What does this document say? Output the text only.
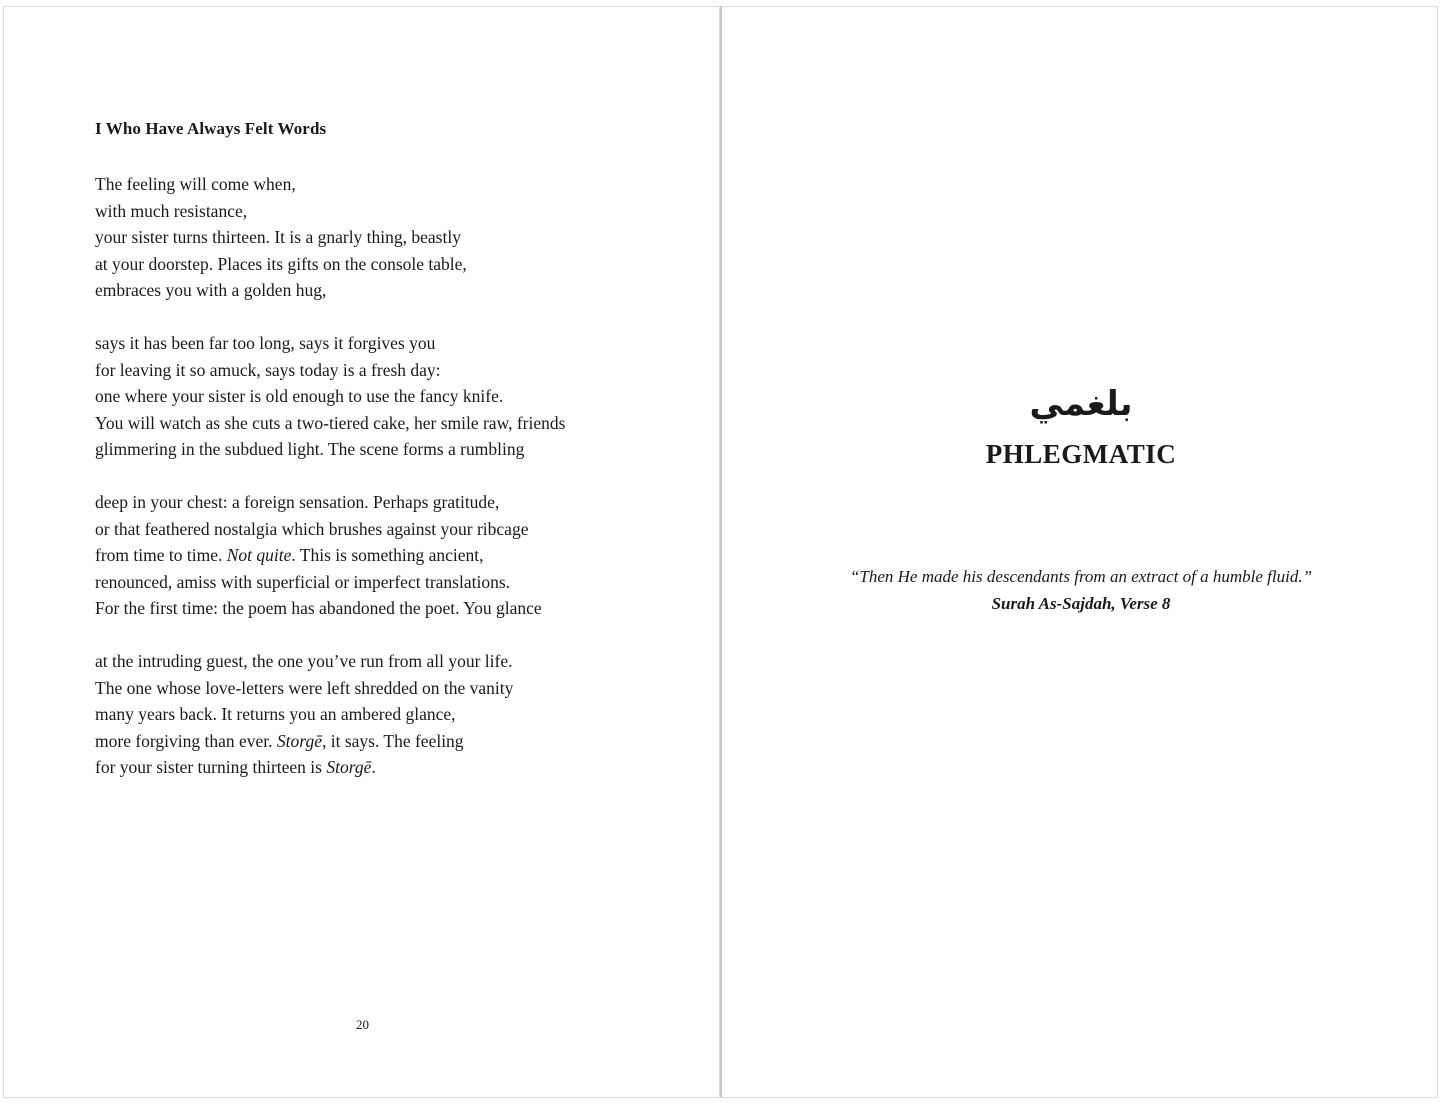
I Who Have Always Felt Words
The feeling will come when,
with much resistance,
your sister turns thirteen. It is a gnarly thing, beastly
at your doorstep. Places its gifts on the console table,
embraces you with a golden hug,
says it has been far too long, says it forgives you
for leaving it so amuck, says today is a fresh day:
one where your sister is old enough to use the fancy knife.
You will watch as she cuts a two-tiered cake, her smile raw, friends
glimmering in the subdued light. The scene forms a rumbling
deep in your chest: a foreign sensation. Perhaps gratitude,
or that feathered nostalgia which brushes against your ribcage
from time to time. Not quite. This is something ancient,
renounced, amiss with superficial or imperfect translations.
For the first time: the poem has abandoned the poet. You glance
at the intruding guest, the one you’ve run from all your life.
The one whose love-letters were left shredded on the vanity
many years back. It returns you an ambered glance,
more forgiving than ever. Storgē, it says. The feeling
for your sister turning thirteen is Storgē.
20
بلغمي
PHLEGMATIC
“Then He made his descendants from an extract of a humble fluid.”
Surah As-Sajdah, Verse 8
